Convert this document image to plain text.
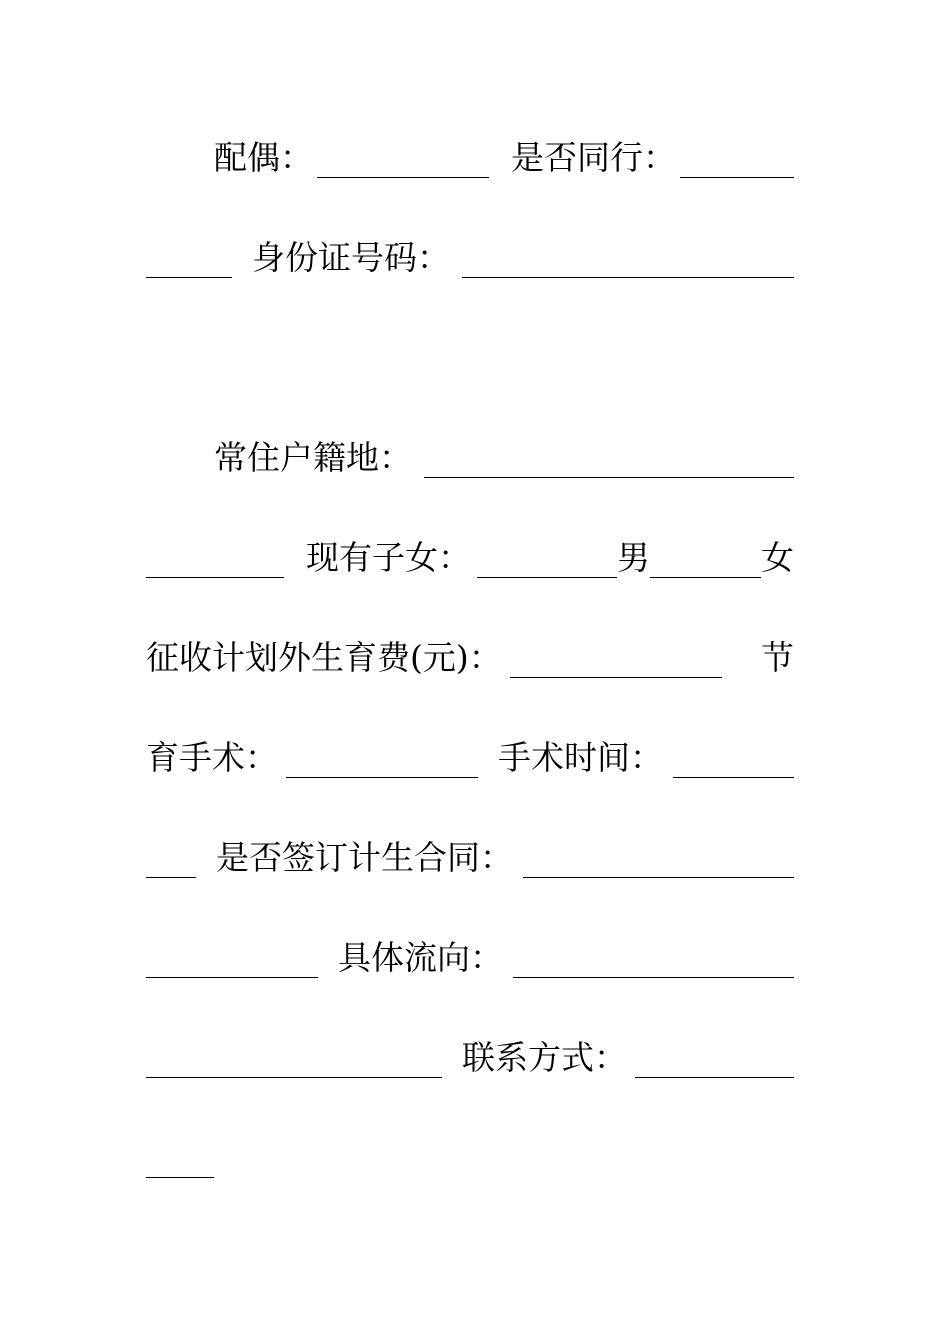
配偶：	是否同行：
身份证号码：
常住户籍地：
现有子女：	男	女
征收计划外生育费(元)：	节
育手术：	手术时间：
是否签订计生合同：
具体流向：
联系方式：
